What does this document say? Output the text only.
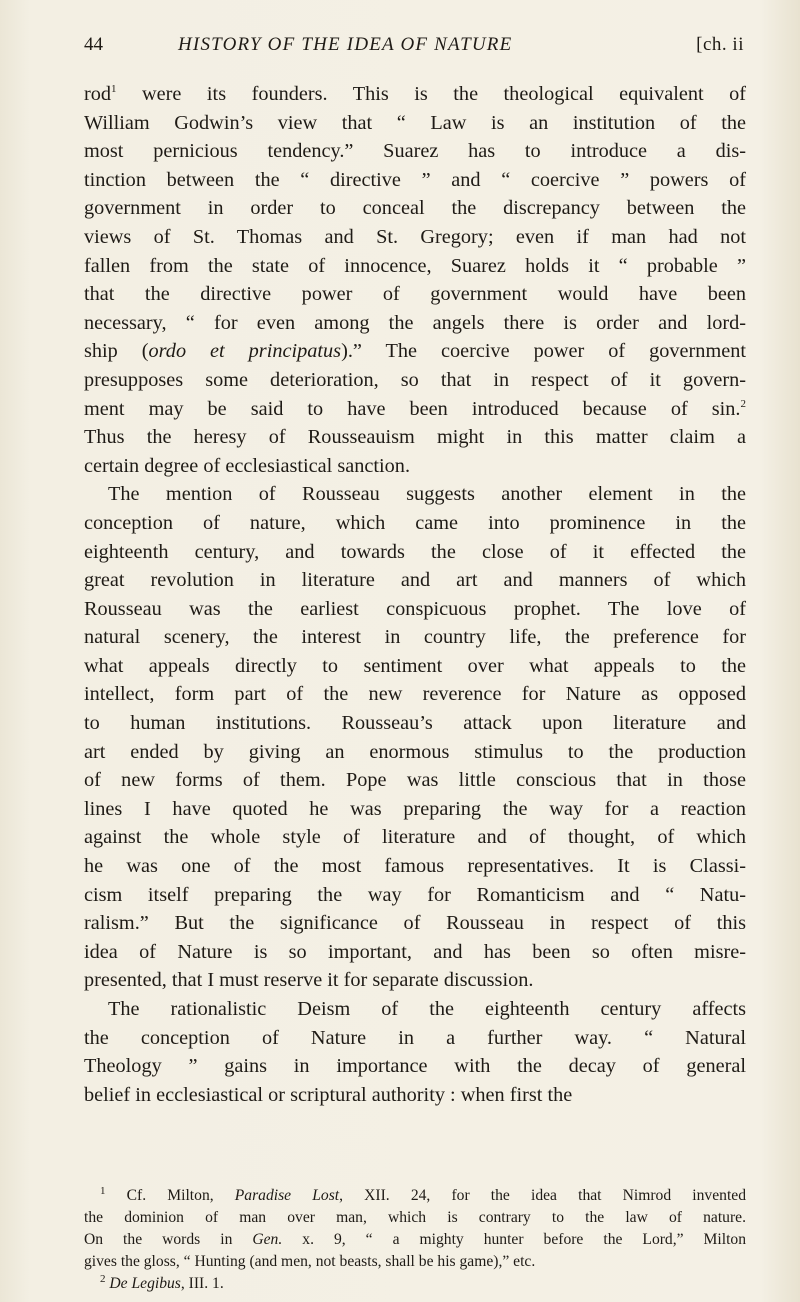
44	HISTORY OF THE IDEA OF NATURE	[ch. ii
rod$^1$ were its founders. This is the theological equivalent of
William Godwin’s view that “ Law is an institution of the
most pernicious tendency.” Suarez has to introduce a dis-
tinction between the “ directive ” and “ coercive ” powers of
government in order to conceal the discrepancy between the
views of St. Thomas and St. Gregory; even if man had not
fallen from the state of innocence, Suarez holds it “ probable ”
that the directive power of government would have been
necessary, “ for even among the angels there is order and lord-
ship (ordo et principatus).” The coercive power of government
presupposes some deterioration, so that in respect of it govern-
ment may be said to have been introduced because of sin.$^2$
Thus the heresy of Rousseauism might in this matter claim a
certain degree of ecclesiastical sanction.
The mention of Rousseau suggests another element in the
conception of nature, which came into prominence in the
eighteenth century, and towards the close of it effected the
great revolution in literature and art and manners of which
Rousseau was the earliest conspicuous prophet. The love of
natural scenery, the interest in country life, the preference for
what appeals directly to sentiment over what appeals to the
intellect, form part of the new reverence for Nature as opposed
to human institutions. Rousseau’s attack upon literature and
art ended by giving an enormous stimulus to the production
of new forms of them. Pope was little conscious that in those
lines I have quoted he was preparing the way for a reaction
against the whole style of literature and of thought, of which
he was one of the most famous representatives. It is Classi-
cism itself preparing the way for Romanticism and “ Natu-
ralism.” But the significance of Rousseau in respect of this
idea of Nature is so important, and has been so often misre-
presented, that I must reserve it for separate discussion.
The rationalistic Deism of the eighteenth century affects
the conception of Nature in a further way. “ Natural
Theology ” gains in importance with the decay of general
belief in ecclesiastical or scriptural authority : when first the
$^1$ Cf. Milton, Paradise Lost, XII. 24, for the idea that Nimrod invented
the dominion of man over man, which is contrary to the law of nature.
On the words in Gen. x. 9, “ a mighty hunter before the Lord,” Milton
gives the gloss, “ Hunting (and men, not beasts, shall be his game),” etc.
$^2$ De Legibus, III. 1.
